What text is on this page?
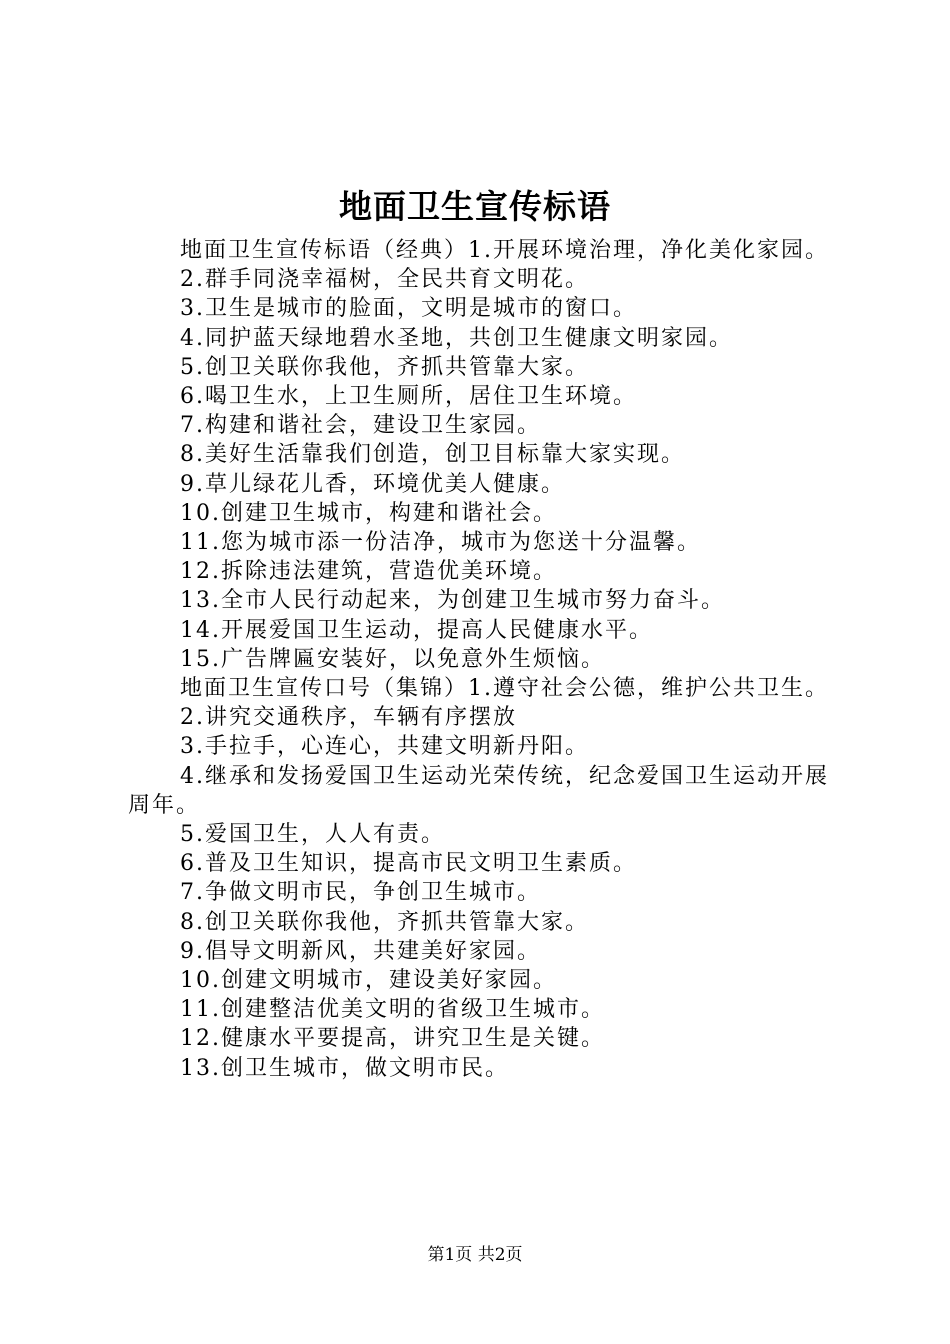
地面卫生宣传标语

地面卫生宣传标语（经典）1.开展环境治理，净化美化家园。

2.群手同浇幸福树，全民共育文明花。

3.卫生是城市的脸面，文明是城市的窗口。

4.同护蓝天绿地碧水圣地，共创卫生健康文明家园。

5.创卫关联你我他，齐抓共管靠大家。

6.喝卫生水，上卫生厕所，居住卫生环境。

7.构建和谐社会，建设卫生家园。

8.美好生活靠我们创造，创卫目标靠大家实现。

9.草儿绿花儿香，环境优美人健康。

10.创建卫生城市，构建和谐社会。

11.您为城市添一份洁净，城市为您送十分温馨。

12.拆除违法建筑，营造优美环境。

13.全市人民行动起来，为创建卫生城市努力奋斗。

14.开展爱国卫生运动，提高人民健康水平。

15.广告牌匾安装好，以免意外生烦恼。

地面卫生宣传口号（集锦）1.遵守社会公德，维护公共卫生。

2.讲究交通秩序，车辆有序摆放

3.手拉手，心连心，共建文明新丹阳。

4.继承和发扬爱国卫生运动光荣传统，纪念爱国卫生运动开展周年。

5.爱国卫生，人人有责。

6.普及卫生知识，提高市民文明卫生素质。

7.争做文明市民，争创卫生城市。

8.创卫关联你我他，齐抓共管靠大家。

9.倡导文明新风，共建美好家园。

10.创建文明城市，建设美好家园。

11.创建整洁优美文明的省级卫生城市。

12.健康水平要提高，讲究卫生是关键。

13.创卫生城市，做文明市民。

第1页 共2页
